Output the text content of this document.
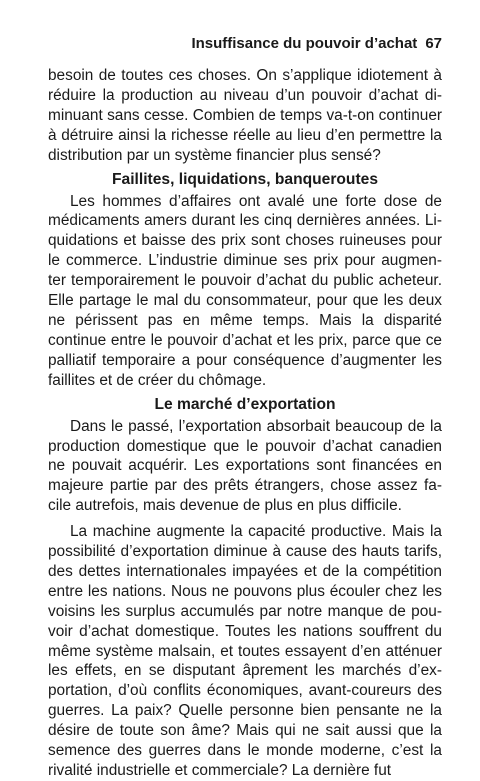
Insuffisance du pouvoir d’achat 67

besoin de toutes ces choses. On s’applique idiotement à réduire la production au niveau d’un pouvoir d’achat diminuant sans cesse. Combien de temps va-t-on continuer à détruire ainsi la richesse réelle au lieu d’en permettre la distribution par un système financier plus sensé?

Faillites, liquidations, banqueroutes

Les hommes d’affaires ont avalé une forte dose de médicaments amers durant les cinq dernières années. Liquidations et baisse des prix sont choses ruineuses pour le commerce. L’industrie diminue ses prix pour augmenter temporairement le pouvoir d’achat du public acheteur. Elle partage le mal du consommateur, pour que les deux ne périssent pas en même temps. Mais la disparité continue entre le pouvoir d’achat et les prix, parce que ce palliatif temporaire a pour conséquence d’augmenter les faillites et de créer du chômage.

Le marché d’exportation

Dans le passé, l’exportation absorbait beaucoup de la production domestique que le pouvoir d’achat canadien ne pouvait acquérir. Les exportations sont financées en majeure partie par des prêts étrangers, chose assez facile autrefois, mais devenue de plus en plus difficile.

La machine augmente la capacité productive. Mais la possibilité d’exportation diminue à cause des hauts tarifs, des dettes internationales impayées et de la compétition entre les nations. Nous ne pouvons plus écouler chez les voisins les surplus accumulés par notre manque de pouvoir d’achat domestique. Toutes les nations souffrent du même système malsain, et toutes essayent d’en atténuer les effets, en se disputant âprement les marchés d’exportation, d’où conflits économiques, avant-coureurs des guerres. La paix? Quelle personne bien pensante ne la désire de toute son âme? Mais qui ne sait aussi que la semence des guerres dans le monde moderne, c’est la rivalité industrielle et commerciale? La dernière fut
